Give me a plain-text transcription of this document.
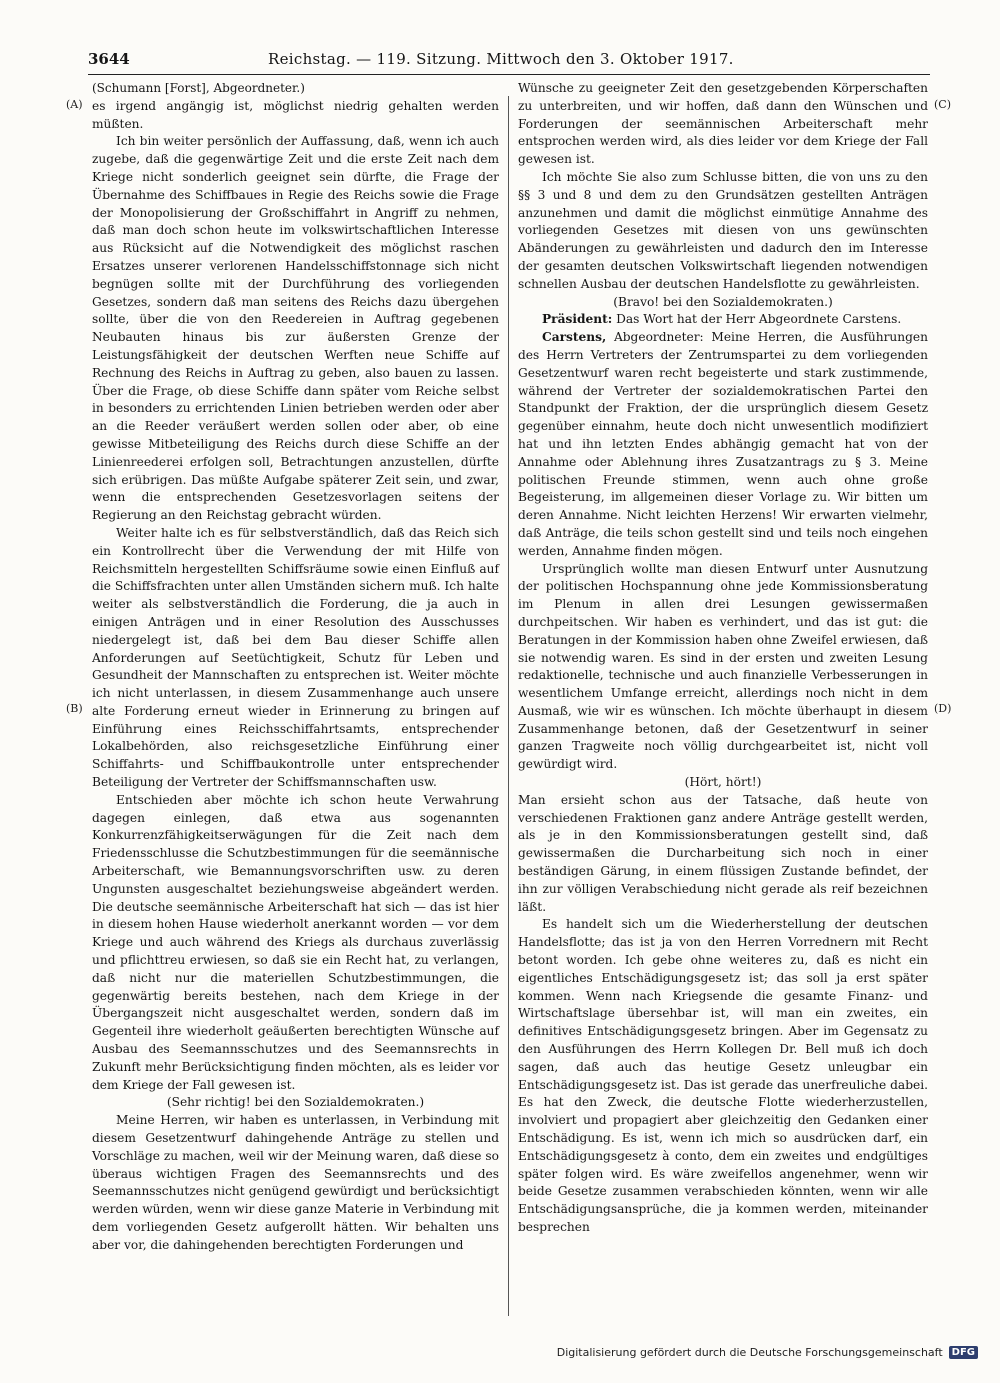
3644	Reichstag. — 119. Sitzung. Mittwoch den 3. Oktober 1917.
(A)
(B)
(C)
(D)

(Schumann [Forst], Abgeordneter.)

es irgend angängig ist, möglichst niedrig gehalten werden müßten.

Ich bin weiter persönlich der Auffassung, daß, wenn ich auch zugebe, daß die gegenwärtige Zeit und die erste Zeit nach dem Kriege nicht sonderlich geeignet sein dürfte, die Frage der Übernahme des Schiffbaues in Regie des Reichs sowie die Frage der Monopolisierung der Großschiffahrt in Angriff zu nehmen, daß man doch schon heute im volkswirtschaftlichen Interesse aus Rücksicht auf die Notwendigkeit des möglichst raschen Ersatzes unserer verlorenen Handelsschiffstonnage sich nicht begnügen sollte mit der Durchführung des vorliegenden Gesetzes, sondern daß man seitens des Reichs dazu übergehen sollte, über die von den Reedereien in Auftrag gegebenen Neubauten hinaus bis zur äußersten Grenze der Leistungsfähigkeit der deutschen Werften neue Schiffe auf Rechnung des Reichs in Auftrag zu geben, also bauen zu lassen. Über die Frage, ob diese Schiffe dann später vom Reiche selbst in besonders zu errichtenden Linien betrieben werden oder aber an die Reeder veräußert werden sollen oder aber, ob eine gewisse Mitbeteiligung des Reichs durch diese Schiffe an der Linienreederei erfolgen soll, Betrachtungen anzustellen, dürfte sich erübrigen. Das müßte Aufgabe späterer Zeit sein, und zwar, wenn die entsprechenden Gesetzesvorlagen seitens der Regierung an den Reichstag gebracht würden.

Weiter halte ich es für selbstverständlich, daß das Reich sich ein Kontrollrecht über die Verwendung der mit Hilfe von Reichsmitteln hergestellten Schiffsräume sowie einen Einfluß auf die Schiffsfrachten unter allen Umständen sichern muß. Ich halte weiter als selbstverständlich die Forderung, die ja auch in einigen Anträgen und in einer Resolution des Ausschusses niedergelegt ist, daß bei dem Bau dieser Schiffe allen Anforderungen auf Seetüchtigkeit, Schutz für Leben und Gesundheit der Mannschaften zu entsprechen ist. Weiter möchte ich nicht unterlassen, in diesem Zusammenhange auch unsere alte Forderung erneut wieder in Erinnerung zu bringen auf Einführung eines Reichsschiffahrtsamts, entsprechender Lokalbehörden, also reichsgesetzliche Einführung einer Schiffahrts- und Schiffbaukontrolle unter entsprechender Beteiligung der Vertreter der Schiffsmannschaften usw.

Entschieden aber möchte ich schon heute Verwahrung dagegen einlegen, daß etwa aus sogenannten Konkurrenzfähigkeitserwägungen für die Zeit nach dem Friedensschlusse die Schutzbestimmungen für die seemännische Arbeiterschaft, wie Bemannungsvorschriften usw. zu deren Ungunsten ausgeschaltet beziehungsweise abgeändert werden. Die deutsche seemännische Arbeiterschaft hat sich — das ist hier in diesem hohen Hause wiederholt anerkannt worden — vor dem Kriege und auch während des Kriegs als durchaus zuverlässig und pflichttreu erwiesen, so daß sie ein Recht hat, zu verlangen, daß nicht nur die materiellen Schutzbestimmungen, die gegenwärtig bereits bestehen, nach dem Kriege in der Übergangszeit nicht ausgeschaltet werden, sondern daß im Gegenteil ihre wiederholt geäußerten berechtigten Wünsche auf Ausbau des Seemannsschutzes und des Seemannsrechts in Zukunft mehr Berücksichtigung finden möchten, als es leider vor dem Kriege der Fall gewesen ist.

(Sehr richtig! bei den Sozialdemokraten.)

Meine Herren, wir haben es unterlassen, in Verbindung mit diesem Gesetzentwurf dahingehende Anträge zu stellen und Vorschläge zu machen, weil wir der Meinung waren, daß diese so überaus wichtigen Fragen des Seemannsrechts und des Seemannsschutzes nicht genügend gewürdigt und berücksichtigt werden würden, wenn wir diese ganze Materie in Verbindung mit dem vorliegenden Gesetz aufgerollt hätten. Wir behalten uns aber vor, die dahingehenden berechtigten Forderungen und

Wünsche zu geeigneter Zeit den gesetzgebenden Körperschaften zu unterbreiten, und wir hoffen, daß dann den Wünschen und Forderungen der seemännischen Arbeiterschaft mehr entsprochen werden wird, als dies leider vor dem Kriege der Fall gewesen ist.

Ich möchte Sie also zum Schlusse bitten, die von uns zu den §§ 3 und 8 und dem zu den Grundsätzen gestellten Anträgen anzunehmen und damit die möglichst einmütige Annahme des vorliegenden Gesetzes mit diesen von uns gewünschten Abänderungen zu gewährleisten und dadurch den im Interesse der gesamten deutschen Volkswirtschaft liegenden notwendigen schnellen Ausbau der deutschen Handelsflotte zu gewährleisten.

(Bravo! bei den Sozialdemokraten.)

Präsident: Das Wort hat der Herr Abgeordnete Carstens.

Carstens, Abgeordneter: Meine Herren, die Ausführungen des Herrn Vertreters der Zentrumspartei zu dem vorliegenden Gesetzentwurf waren recht begeisterte und stark zustimmende, während der Vertreter der sozialdemokratischen Partei den Standpunkt der Fraktion, der die ursprünglich diesem Gesetz gegenüber einnahm, heute doch nicht unwesentlich modifiziert hat und ihn letzten Endes abhängig gemacht hat von der Annahme oder Ablehnung ihres Zusatzantrags zu § 3. Meine politischen Freunde stimmen, wenn auch ohne große Begeisterung, im allgemeinen dieser Vorlage zu. Wir bitten um deren Annahme. Nicht leichten Herzens! Wir erwarten vielmehr, daß Anträge, die teils schon gestellt sind und teils noch eingehen werden, Annahme finden mögen.

Ursprünglich wollte man diesen Entwurf unter Ausnutzung der politischen Hochspannung ohne jede Kommissionsberatung im Plenum in allen drei Lesungen gewissermaßen durchpeitschen. Wir haben es verhindert, und das ist gut: die Beratungen in der Kommission haben ohne Zweifel erwiesen, daß sie notwendig waren. Es sind in der ersten und zweiten Lesung redaktionelle, technische und auch finanzielle Verbesserungen in wesentlichem Umfange erreicht, allerdings noch nicht in dem Ausmaß, wie wir es wünschen. Ich möchte überhaupt in diesem Zusammenhange betonen, daß der Gesetzentwurf in seiner ganzen Tragweite noch völlig durchgearbeitet ist, nicht voll gewürdigt wird.

(Hört, hört!)

Man ersieht schon aus der Tatsache, daß heute von verschiedenen Fraktionen ganz andere Anträge gestellt werden, als je in den Kommissionsberatungen gestellt sind, daß gewissermaßen die Durcharbeitung sich noch in einer beständigen Gärung, in einem flüssigen Zustande befindet, der ihn zur völligen Verabschiedung nicht gerade als reif bezeichnen läßt.

Es handelt sich um die Wiederherstellung der deutschen Handelsflotte; das ist ja von den Herren Vorrednern mit Recht betont worden. Ich gebe ohne weiteres zu, daß es nicht ein eigentliches Entschädigungsgesetz ist; das soll ja erst später kommen. Wenn nach Kriegsende die gesamte Finanz- und Wirtschaftslage übersehbar ist, will man ein zweites, ein definitives Entschädigungsgesetz bringen. Aber im Gegensatz zu den Ausführungen des Herrn Kollegen Dr. Bell muß ich doch sagen, daß auch das heutige Gesetz unleugbar ein Entschädigungsgesetz ist. Das ist gerade das unerfreuliche dabei. Es hat den Zweck, die deutsche Flotte wiederherzustellen, involviert und propagiert aber gleichzeitig den Gedanken einer Entschädigung. Es ist, wenn ich mich so ausdrücken darf, ein Entschädigungsgesetz à conto, dem ein zweites und endgültiges später folgen wird. Es wäre zweifellos angenehmer, wenn wir beide Gesetze zusammen verabschieden könnten, wenn wir alle Entschädigungsansprüche, die ja kommen werden, miteinander besprechen

Digitalisierung gefördert durch die Deutsche Forschungsgemeinschaft DFG
